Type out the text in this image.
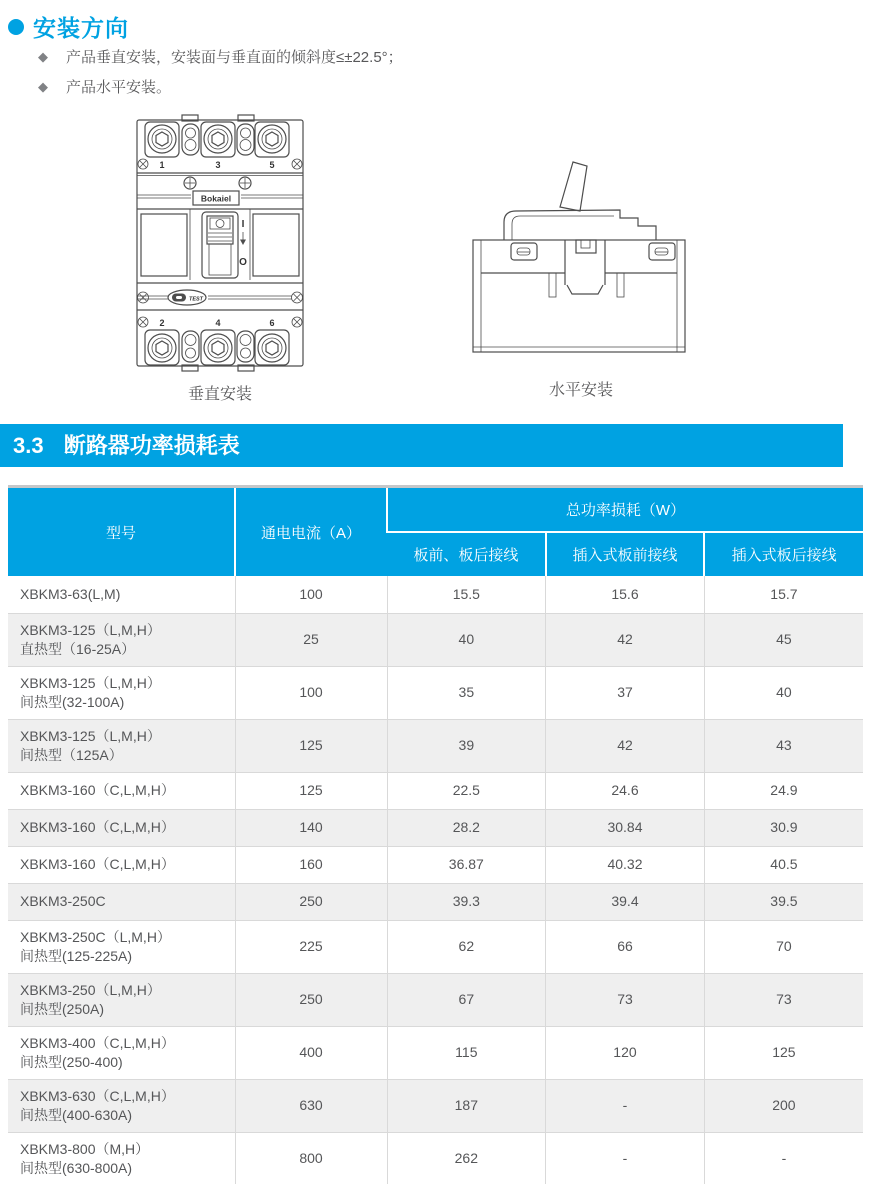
安装方向
◆ 产品垂直安装，安装面与垂直面的倾斜度≤±22.5°；
◆ 产品水平安装。
1	3	5
Bokaiel
I
O
TEST
2	4	6
垂直安装	水平安装
3.3 断路器功率损耗表
型号	通电电流（A）	总功率损耗（W）		
		板前、板后接线	插入式板前接线	插入式板后接线

XBKM3-63(L,M)	100	15.5	15.6	15.7

XBKM3-125（L,M,H）
直热型（16-25A）	25	40	42	45

XBKM3-125（L,M,H）
间热型(32-100A)	100	35	37	40

XBKM3-125（L,M,H）
间热型（125A）	125	39	42	43

XBKM3-160（C,L,M,H）	125	22.5	24.6	24.9

XBKM3-160（C,L,M,H）	140	28.2	30.84	30.9

XBKM3-160（C,L,M,H）	160	36.87	40.32	40.5

XBKM3-250C	250	39.3	39.4	39.5

XBKM3-250C（L,M,H）
间热型(125-225A)	225	62	66	70

XBKM3-250（L,M,H）
间热型(250A)	250	67	73	73

XBKM3-400（C,L,M,H）
间热型(250-400)	400	115	120	125

XBKM3-630（C,L,M,H）
间热型(400-630A)	630	187	-	200

XBKM3-800（M,H）
间热型(630-800A)	800	262	-	-
